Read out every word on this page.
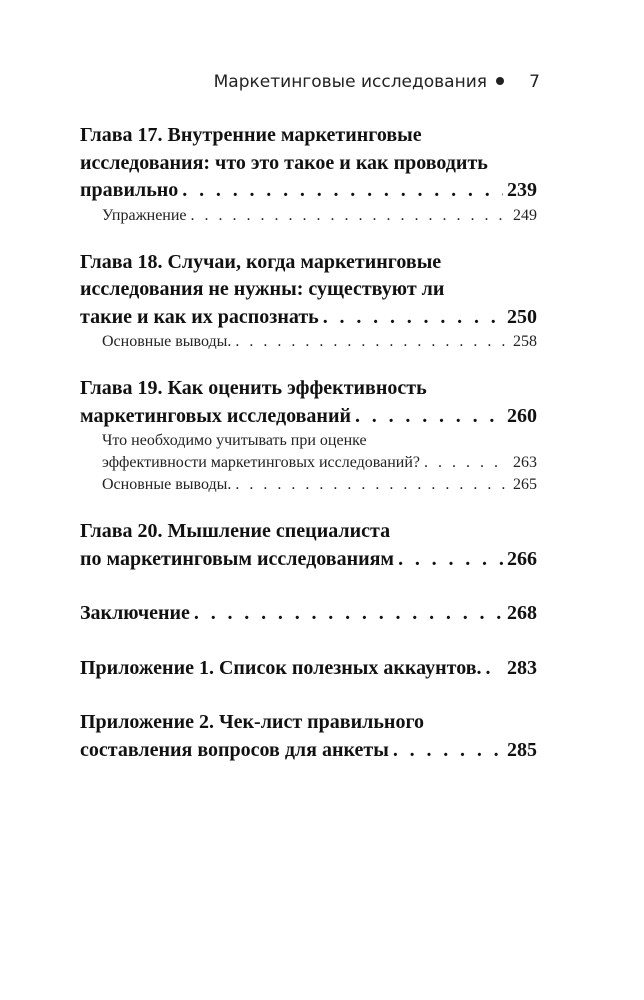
Маркетинговые исследования 7
Глава 17. Внутренние маркетинговые
исследования: что это такое и как проводить
правильно . . .	239
Упражнение . . .	249
Глава 18. Случаи, когда маркетинговые
исследования не нужны: существуют ли
такие и как их распознать . . .	250
Основные выводы. . . .	258
Глава 19. Как оценить эффективность
маркетинговых исследований . . .	260
Что необходимо учитывать при оценке
эффективности маркетинговых исследований? . . .	263
Основные выводы. . . .	265
Глава 20. Мышление специалиста
по маркетинговым исследованиям . . .	266
Заключение . . .	268
Приложение 1. Список полезных аккаунтов. . . . 283
Приложение 2. Чек-лист правильного
составления вопросов для анкеты . . .	285
